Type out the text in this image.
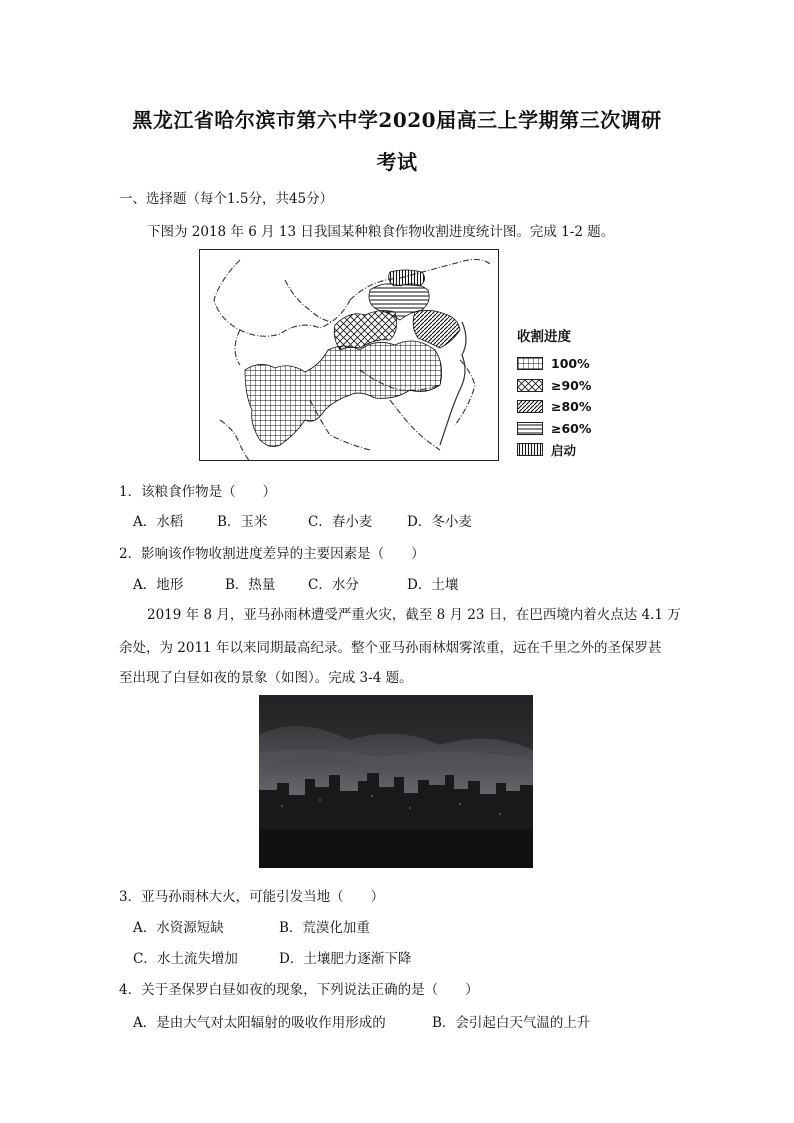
黑龙江省哈尔滨市第六中学2020届高三上学期第三次调研
考试
一、选择题（每个1.5分，共45分）
下图为 2018 年 6 月 13 日我国某种粮食作物收割进度统计图。完成 1-2 题。
收割进度
100%
≥90%
≥80%
≥60%
启动
1．该粮食作物是（　　）
A．水稻	B．玉米	C．春小麦	D．冬小麦
2．影响该作物收割进度差异的主要因素是（　　）
A．地形	B．热量 C．水分	D．土壤
2019 年 8 月，亚马孙雨林遭受严重火灾，截至 8 月 23 日，在巴西境内着火点达 4.1 万
余处，为 2011 年以来同期最高纪录。整个亚马孙雨林烟雾浓重，远在千里之外的圣保罗甚
至出现了白昼如夜的景象（如图）。完成 3-4 题。
3．亚马孙雨林大火，可能引发当地（　　）
A．水资源短缺	B．荒漠化加重
C．水土流失增加	D．土壤肥力逐渐下降
4．关于圣保罗白昼如夜的现象，下列说法正确的是（　　）
A．是由大气对太阳辐射的吸收作用形成的	B．会引起白天气温的上升
